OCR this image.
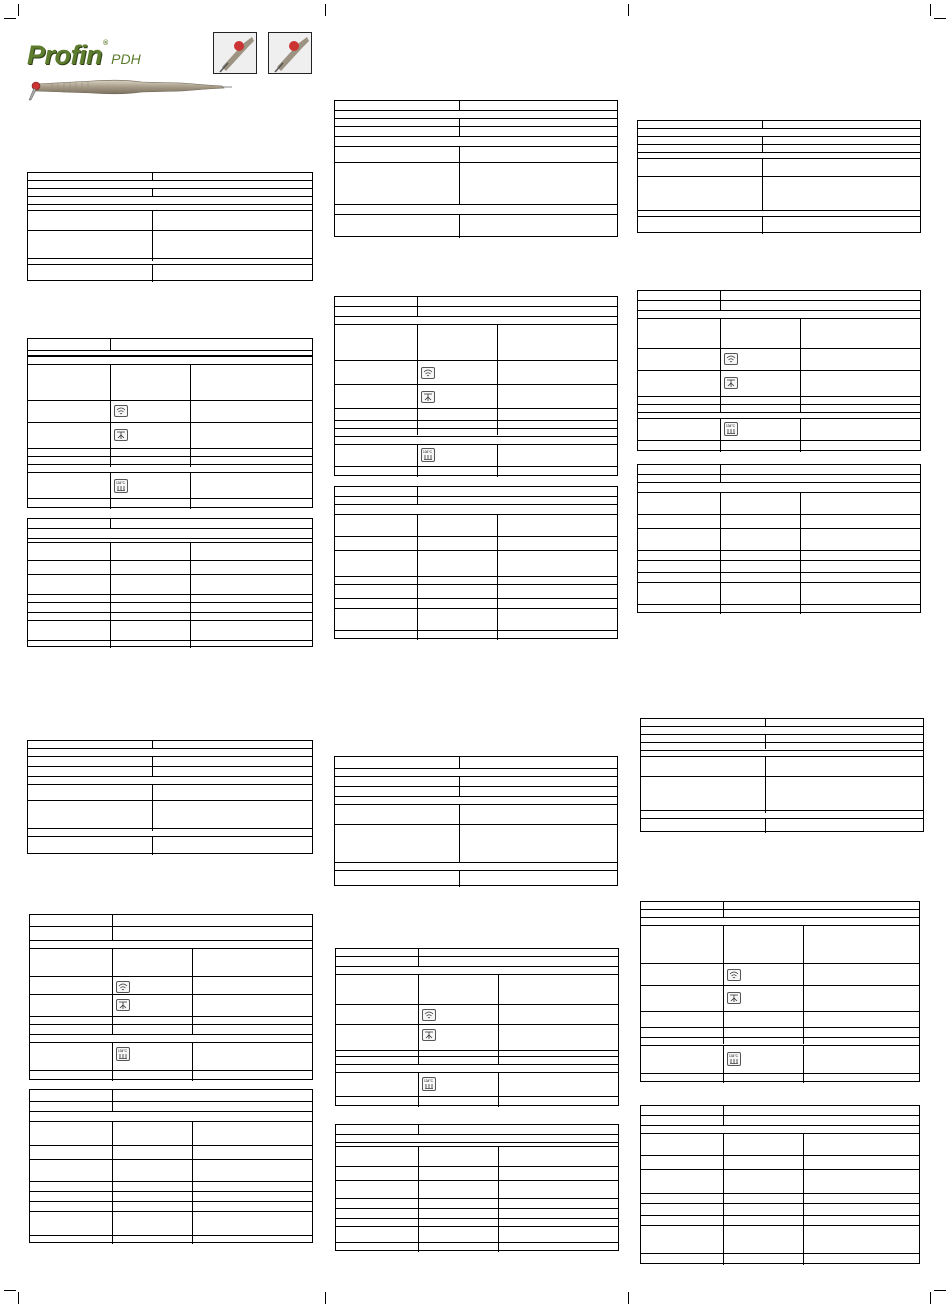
Profin®PDH
134°C
134°C
134°C
134°C
134°C
134°C
